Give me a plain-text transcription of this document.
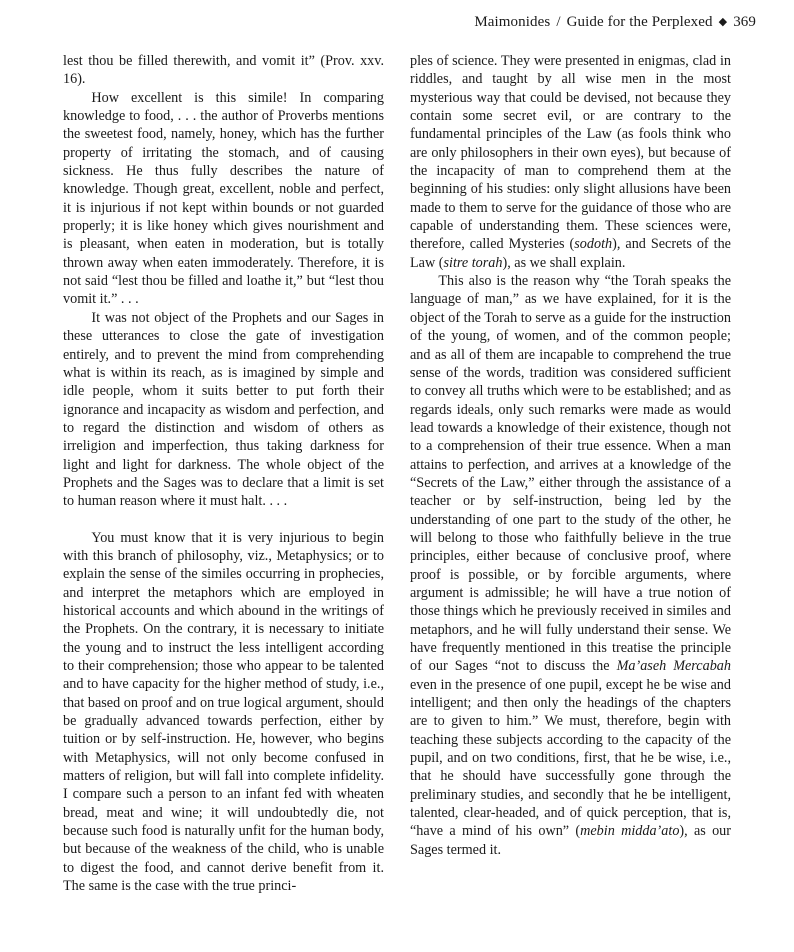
Maimonides / Guide for the Perplexed ◆ 369

lest thou be filled therewith, and vomit it” (Prov. xxv. 16).

How excellent is this simile! In comparing knowledge to food, . . . the author of Proverbs mentions the sweetest food, namely, honey, which has the further property of irritating the stomach, and of causing sickness. He thus fully describes the nature of knowledge. Though great, excellent, noble and perfect, it is injurious if not kept within bounds or not guarded properly; it is like honey which gives nourishment and is pleasant, when eaten in moderation, but is totally thrown away when eaten immoderately. Therefore, it is not said “lest thou be filled and loathe it,” but “lest thou vomit it.” . . .

It was not object of the Prophets and our Sages in these utterances to close the gate of investigation entirely, and to prevent the mind from comprehending what is within its reach, as is imagined by simple and idle people, whom it suits better to put forth their ignorance and incapacity as wisdom and perfection, and to regard the distinction and wisdom of others as irreligion and imperfection, thus taking darkness for light and light for darkness. The whole object of the Prophets and the Sages was to declare that a limit is set to human reason where it must halt. . . .

You must know that it is very injurious to begin with this branch of philosophy, viz., Metaphysics; or to explain the sense of the similes occurring in prophecies, and interpret the metaphors which are employed in historical accounts and which abound in the writings of the Prophets. On the contrary, it is necessary to initiate the young and to instruct the less intelligent according to their comprehension; those who appear to be talented and to have capacity for the higher method of study, i.e., that based on proof and on true logical argument, should be gradually advanced towards perfection, either by tuition or by self-instruction. He, however, who begins with Metaphysics, will not only become confused in matters of religion, but will fall into complete infidelity. I compare such a person to an infant fed with wheaten bread, meat and wine; it will undoubtedly die, not because such food is naturally unfit for the human body, but because of the weakness of the child, who is unable to digest the food, and cannot derive benefit from it. The same is the case with the true princi-

ples of science. They were presented in enigmas, clad in riddles, and taught by all wise men in the most mysterious way that could be devised, not because they contain some secret evil, or are contrary to the fundamental principles of the Law (as fools think who are only philosophers in their own eyes), but because of the incapacity of man to comprehend them at the beginning of his studies: only slight allusions have been made to them to serve for the guidance of those who are capable of understanding them. These sciences were, therefore, called Mysteries (sodoth), and Secrets of the Law (sitre torah), as we shall explain.

This also is the reason why “the Torah speaks the language of man,” as we have explained, for it is the object of the Torah to serve as a guide for the instruction of the young, of women, and of the common people; and as all of them are incapable to comprehend the true sense of the words, tradition was considered sufficient to convey all truths which were to be established; and as regards ideals, only such remarks were made as would lead towards a knowledge of their existence, though not to a comprehension of their true essence. When a man attains to perfection, and arrives at a knowledge of the “Secrets of the Law,” either through the assistance of a teacher or by self-instruction, being led by the understanding of one part to the study of the other, he will belong to those who faithfully believe in the true principles, either because of conclusive proof, where proof is possible, or by forcible arguments, where argument is admissible; he will have a true notion of those things which he previously received in similes and metaphors, and he will fully understand their sense. We have frequently mentioned in this treatise the principle of our Sages “not to discuss the Ma’aseh Mercabah even in the presence of one pupil, except he be wise and intelligent; and then only the headings of the chapters are to given to him.” We must, therefore, begin with teaching these subjects according to the capacity of the pupil, and on two conditions, first, that he be wise, i.e., that he should have successfully gone through the preliminary studies, and secondly that he be intelligent, talented, clear-headed, and of quick perception, that is, “have a mind of his own” (mebin midda’ato), as our Sages termed it.
